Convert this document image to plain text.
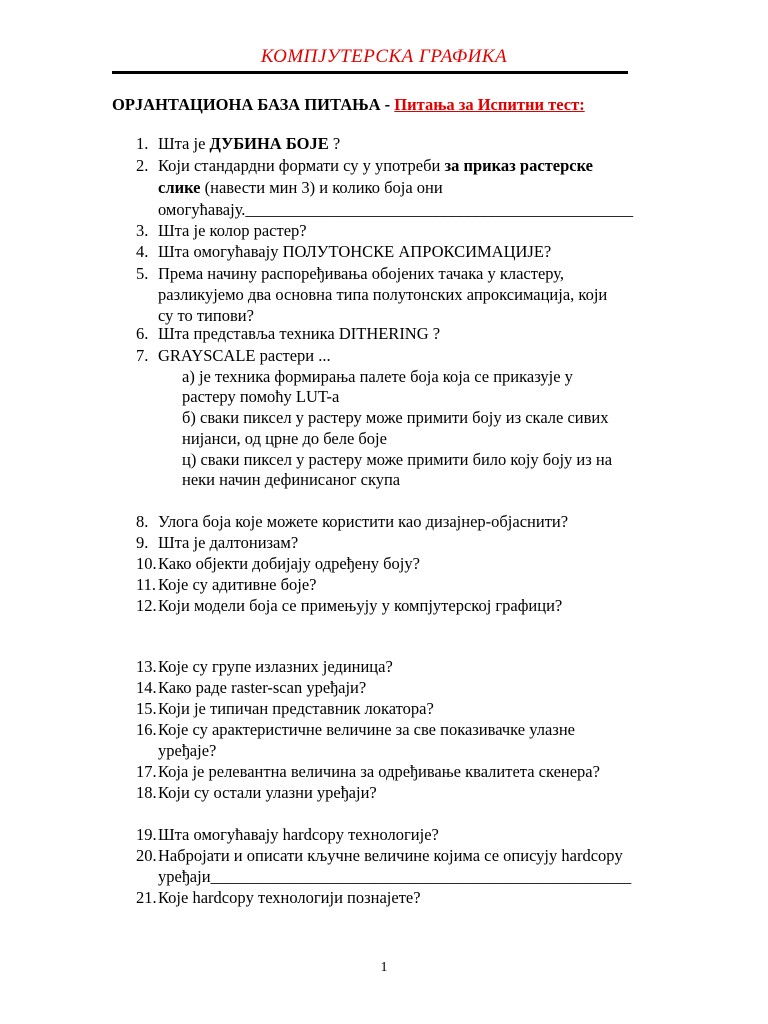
КОМПЈУТЕРСКА ГРАФИКА
ОРЈАНТАЦИОНА БАЗА ПИТАЊА - Питања за Испитни тест:
1. Шта је ДУБИНА БОЈЕ ?
2. Који стандардни формати су у употреби за приказ растерске
слике (навести мин 3) и колико боја они
омогућавају._______________________________________________
3. Шта је колор растер?
4. Шта омогућавају ПОЛУТОНСКЕ АПРОКСИМАЦИЈЕ?
5. Према начину распоређивања обојених тачака у кластеру,
разликујемо два основна типа полутонских апроксимација, који
су то типови?
6. Шта представља техника DITHERING ?
7. GRAYSCALE растери ...
а) је техника формирања палете боја која се приказује у
растеру помоћу LUT-а
б) сваки пиксел у растеру може примити боју из скале сивих
нијанси, од црне до беле боје
ц) сваки пиксел у растеру може примити било коју боју из на
неки начин дефинисаног скупа
8. Улога боја које можете користити као дизајнер-објаснити?
9. Шта је далтонизам?
10. Како објекти добијају одређену боју?
11. Које су адитивне боје?
12. Који модели боја се примењују у компјутерској графици?
13. Које су групе излазних јединица?
14. Како раде raster-scan уређаји?
15. Који је типичан представник локатора?
16. Које су арактеристичне величине за све показивачке улазне
уређаје?
17. Која је релевантна величина за одређивање квалитета скенера?
18. Који су остали улазни уређаји?
19. Шта омогућавају hardcopy технологије?
20. Набројати и описати кључне величине којима се описују hardcopy
уређаји___________________________________________________
21. Које hardcopy технологији познајете?
1
